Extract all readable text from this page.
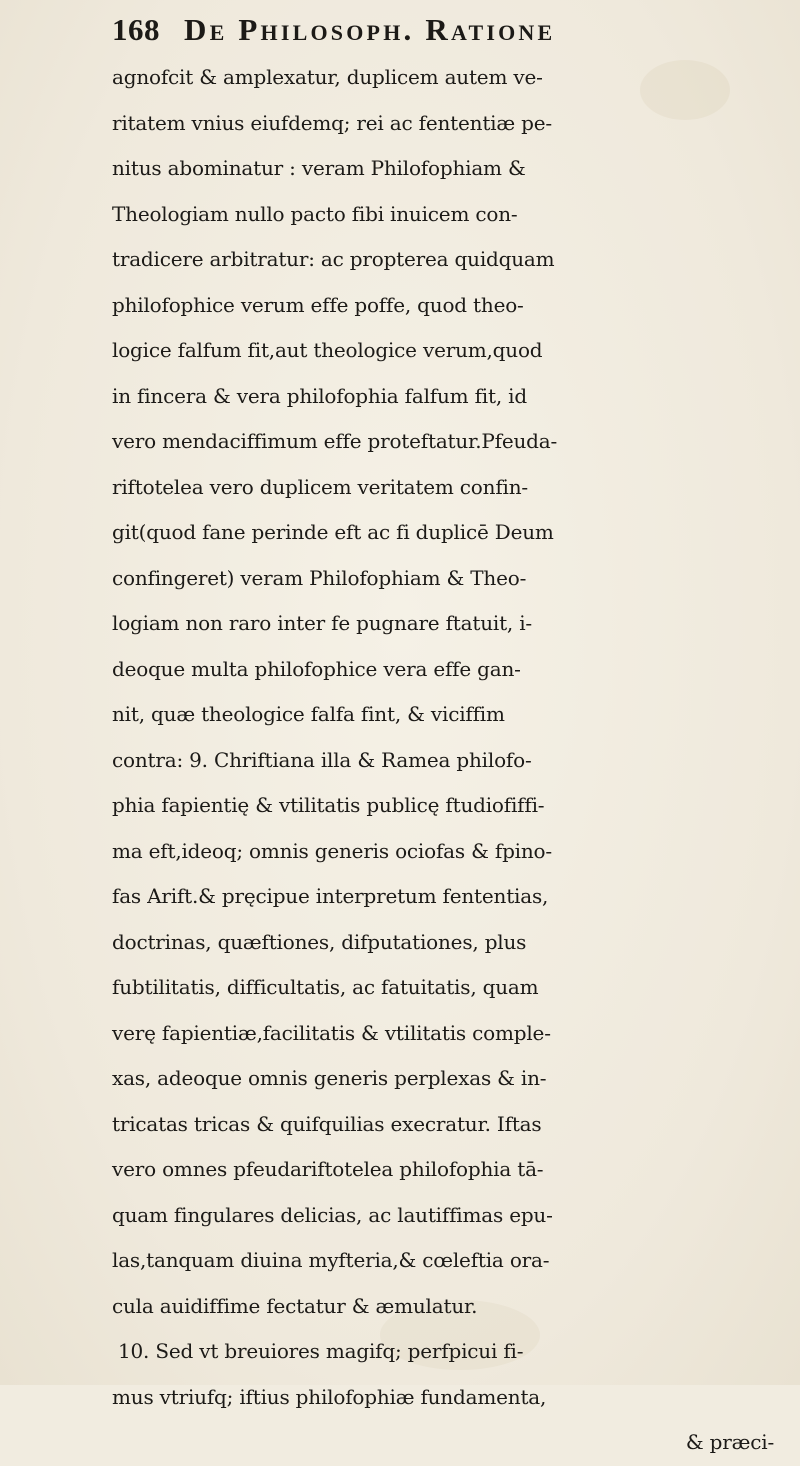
168 De Philosoph. Ratione
agnofcit & amplexatur, duplicem autem ve-
ritatem vnius eiufdemq; rei ac fententiæ pe-
nitus abominatur : veram Philofophiam &
Theologiam nullo pacto fibi inuicem con-
tradicere arbitratur: ac propterea quidquam
philofophice verum effe poffe, quod theo-
logice falfum fit,aut theologice verum,quod
in fincera & vera philofophia falfum fit, id
vero mendaciffimum effe proteftatur.Pfeuda-
riftotelea vero duplicem veritatem confin-
git(quod fane perinde eft ac fi duplicē Deum
confingeret) veram Philofophiam & Theo-
logiam non raro inter fe pugnare ftatuit, i-
deoque multa philofophice vera effe gan-
nit, quæ theologice falfa fint, & viciffim
contra: 9. Chriftiana illa & Ramea philofo-
phia fapientię & vtilitatis publicę ftudiofiffi-
ma eft,ideoq; omnis generis ociofas & fpino-
fas Arift.& pręcipue interpretum fententias,
doctrinas, quæftiones, difputationes, plus
fubtilitatis, difficultatis, ac fatuitatis, quam
verę fapientiæ,facilitatis & vtilitatis comple-
xas, adeoque omnis generis perplexas & in-
tricatas tricas & quifquilias execratur. Iftas
vero omnes pfeudariftotelea philofophia tā-
quam fingulares delicias, ac lautiffimas epu-
las,tanquam diuina myfteria,& cœleftia ora-
cula auidiffime fectatur & æmulatur.
10. Sed vt breuiores magifq; perfpicui fi-
mus vtriufq; iftius philofophiæ fundamenta,
& præci-
